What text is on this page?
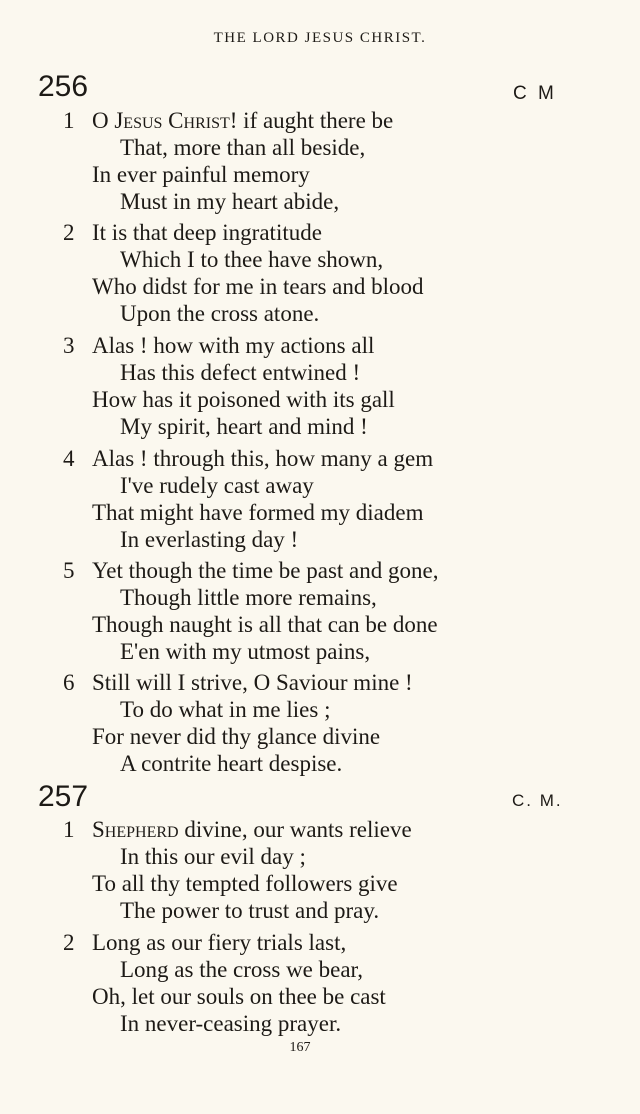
THE LORD JESUS CHRIST.
256	C M
1 O Jesus Christ! if aught there be
That, more than all beside,
In ever painful memory
Must in my heart abide,
2 It is that deep ingratitude
Which I to thee have shown,
Who didst for me in tears and blood
Upon the cross atone.
3 Alas ! how with my actions all
Has this defect entwined !
How has it poisoned with its gall
My spirit, heart and mind !
4 Alas ! through this, how many a gem
I've rudely cast away
That might have formed my diadem
In everlasting day !
5 Yet though the time be past and gone,
Though little more remains,
Though naught is all that can be done
E'en with my utmost pains,
6 Still will I strive, O Saviour mine !
To do what in me lies ;
For never did thy glance divine
A contrite heart despise.
257	C. M.
1 Shepherd divine, our wants relieve
In this our evil day ;
To all thy tempted followers give
The power to trust and pray.
2 Long as our fiery trials last,
Long as the cross we bear,
Oh, let our souls on thee be cast
In never-ceasing prayer.
167
